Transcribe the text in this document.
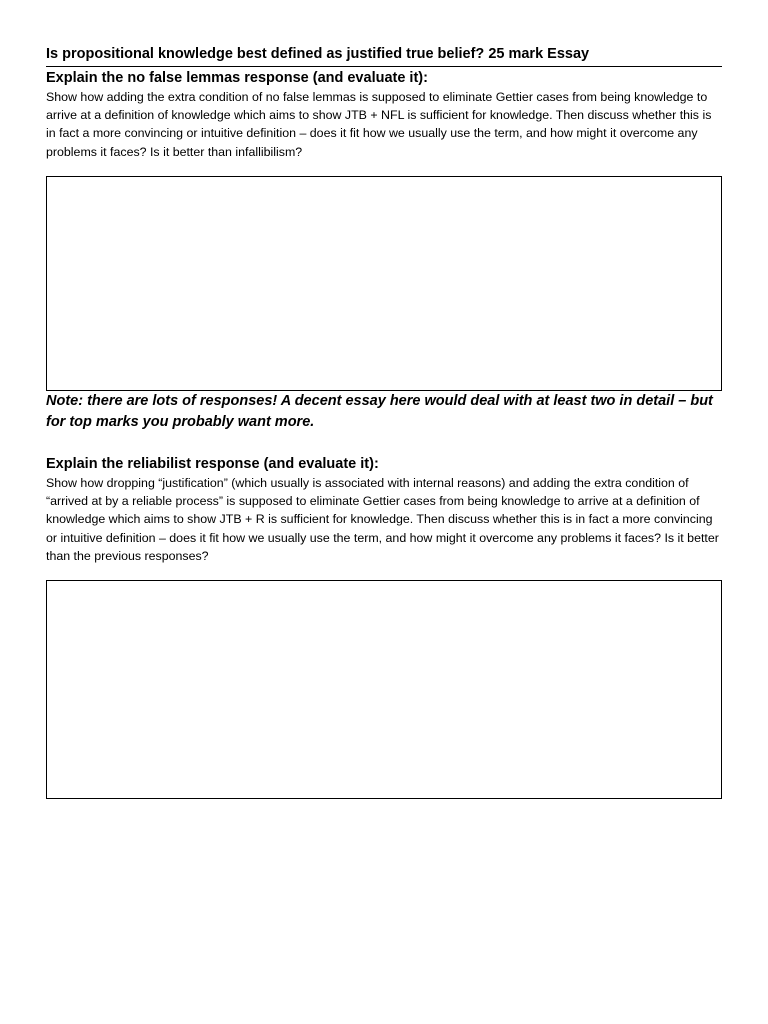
Is propositional knowledge best defined as justified true belief? 25 mark Essay
Explain the no false lemmas response (and evaluate it):
Show how adding the extra condition of no false lemmas is supposed to eliminate Gettier cases from being knowledge to arrive at a definition of knowledge which aims to show JTB + NFL is sufficient for knowledge. Then discuss whether this is in fact a more convincing or intuitive definition – does it fit how we usually use the term, and how might it overcome any problems it faces? Is it better than infallibilism?
Note: there are lots of responses! A decent essay here would deal with at least two in detail – but for top marks you probably want more.
Explain the reliabilist response (and evaluate it):
Show how dropping “justification” (which usually is associated with internal reasons) and adding the extra condition of “arrived at by a reliable process” is supposed to eliminate Gettier cases from being knowledge to arrive at a definition of knowledge which aims to show JTB + R is sufficient for knowledge. Then discuss whether this is in fact a more convincing or intuitive definition – does it fit how we usually use the term, and how might it overcome any problems it faces? Is it better than the previous responses?
